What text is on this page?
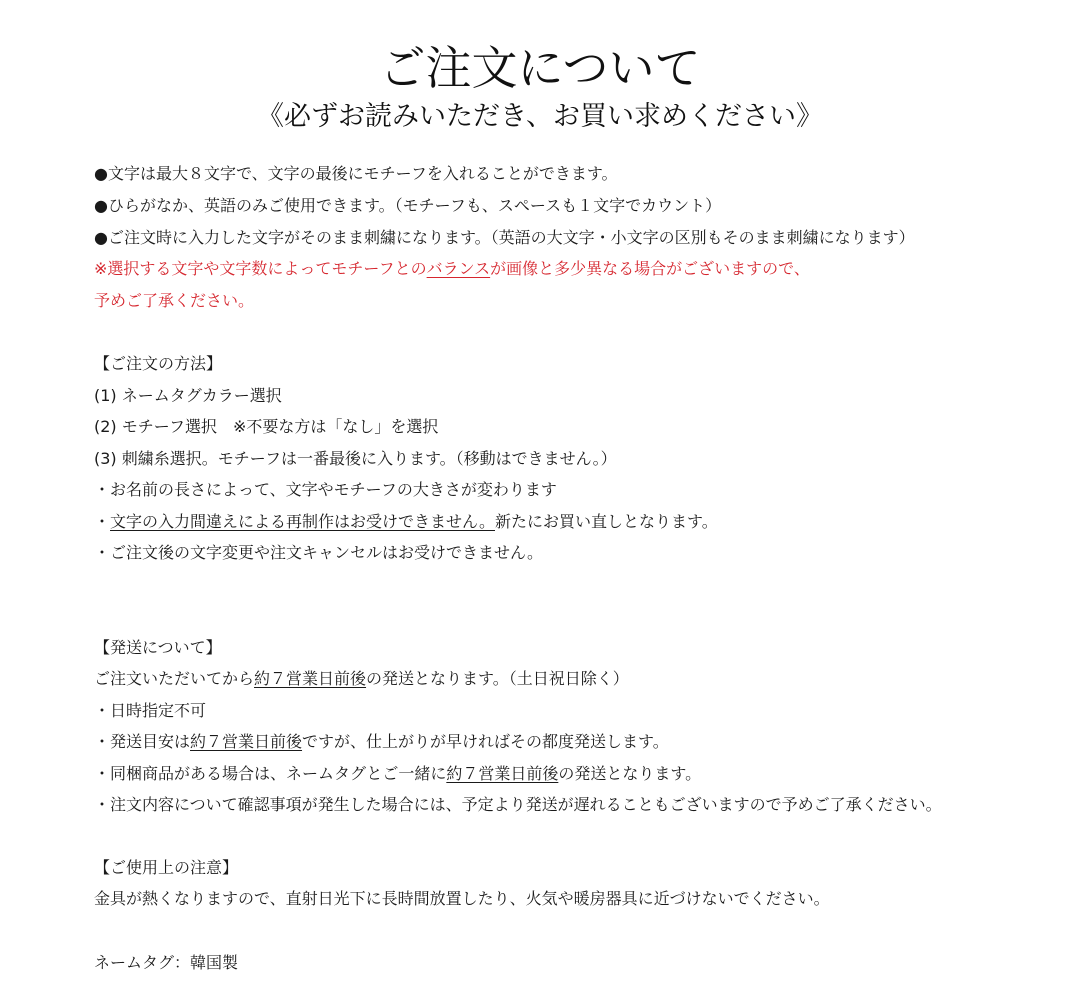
ご注文について

《必ずお読みいただき、お買い求めください》

●文字は最大８文字で、文字の最後にモチーフを入れることができます。

●ひらがなか、英語のみご使用できます。（モチーフも、スペースも１文字でカウント）

●ご注文時に入力した文字がそのまま刺繍になります。（英語の大文字・小文字の区別もそのまま刺繍になります）

※選択する文字や文字数によってモチーフとのバランスが画像と多少異なる場合がございますので、

予めご了承ください。

【ご注文の方法】

(1) ネームタグカラー選択

(2) モチーフ選択　※不要な方は「なし」を選択

(3) 刺繍糸選択。モチーフは一番最後に入ります。（移動はできません。）

・お名前の長さによって、文字やモチーフの大きさが変わります

・文字の入力間違えによる再制作はお受けできません。新たにお買い直しとなります。

・ご注文後の文字変更や注文キャンセルはお受けできません。

【発送について】

ご注文いただいてから約７営業日前後の発送となります。（土日祝日除く）

・日時指定不可

・発送目安は約７営業日前後ですが、仕上がりが早ければその都度発送します。

・同梱商品がある場合は、ネームタグとご一緒に約７営業日前後の発送となります。

・注文内容について確認事項が発生した場合には、予定より発送が遅れることもございますので予めご了承ください。

【ご使用上の注意】

金具が熱くなりますので、直射日光下に長時間放置したり、火気や暖房器具に近づけないでください。

ネームタグ：韓国製
